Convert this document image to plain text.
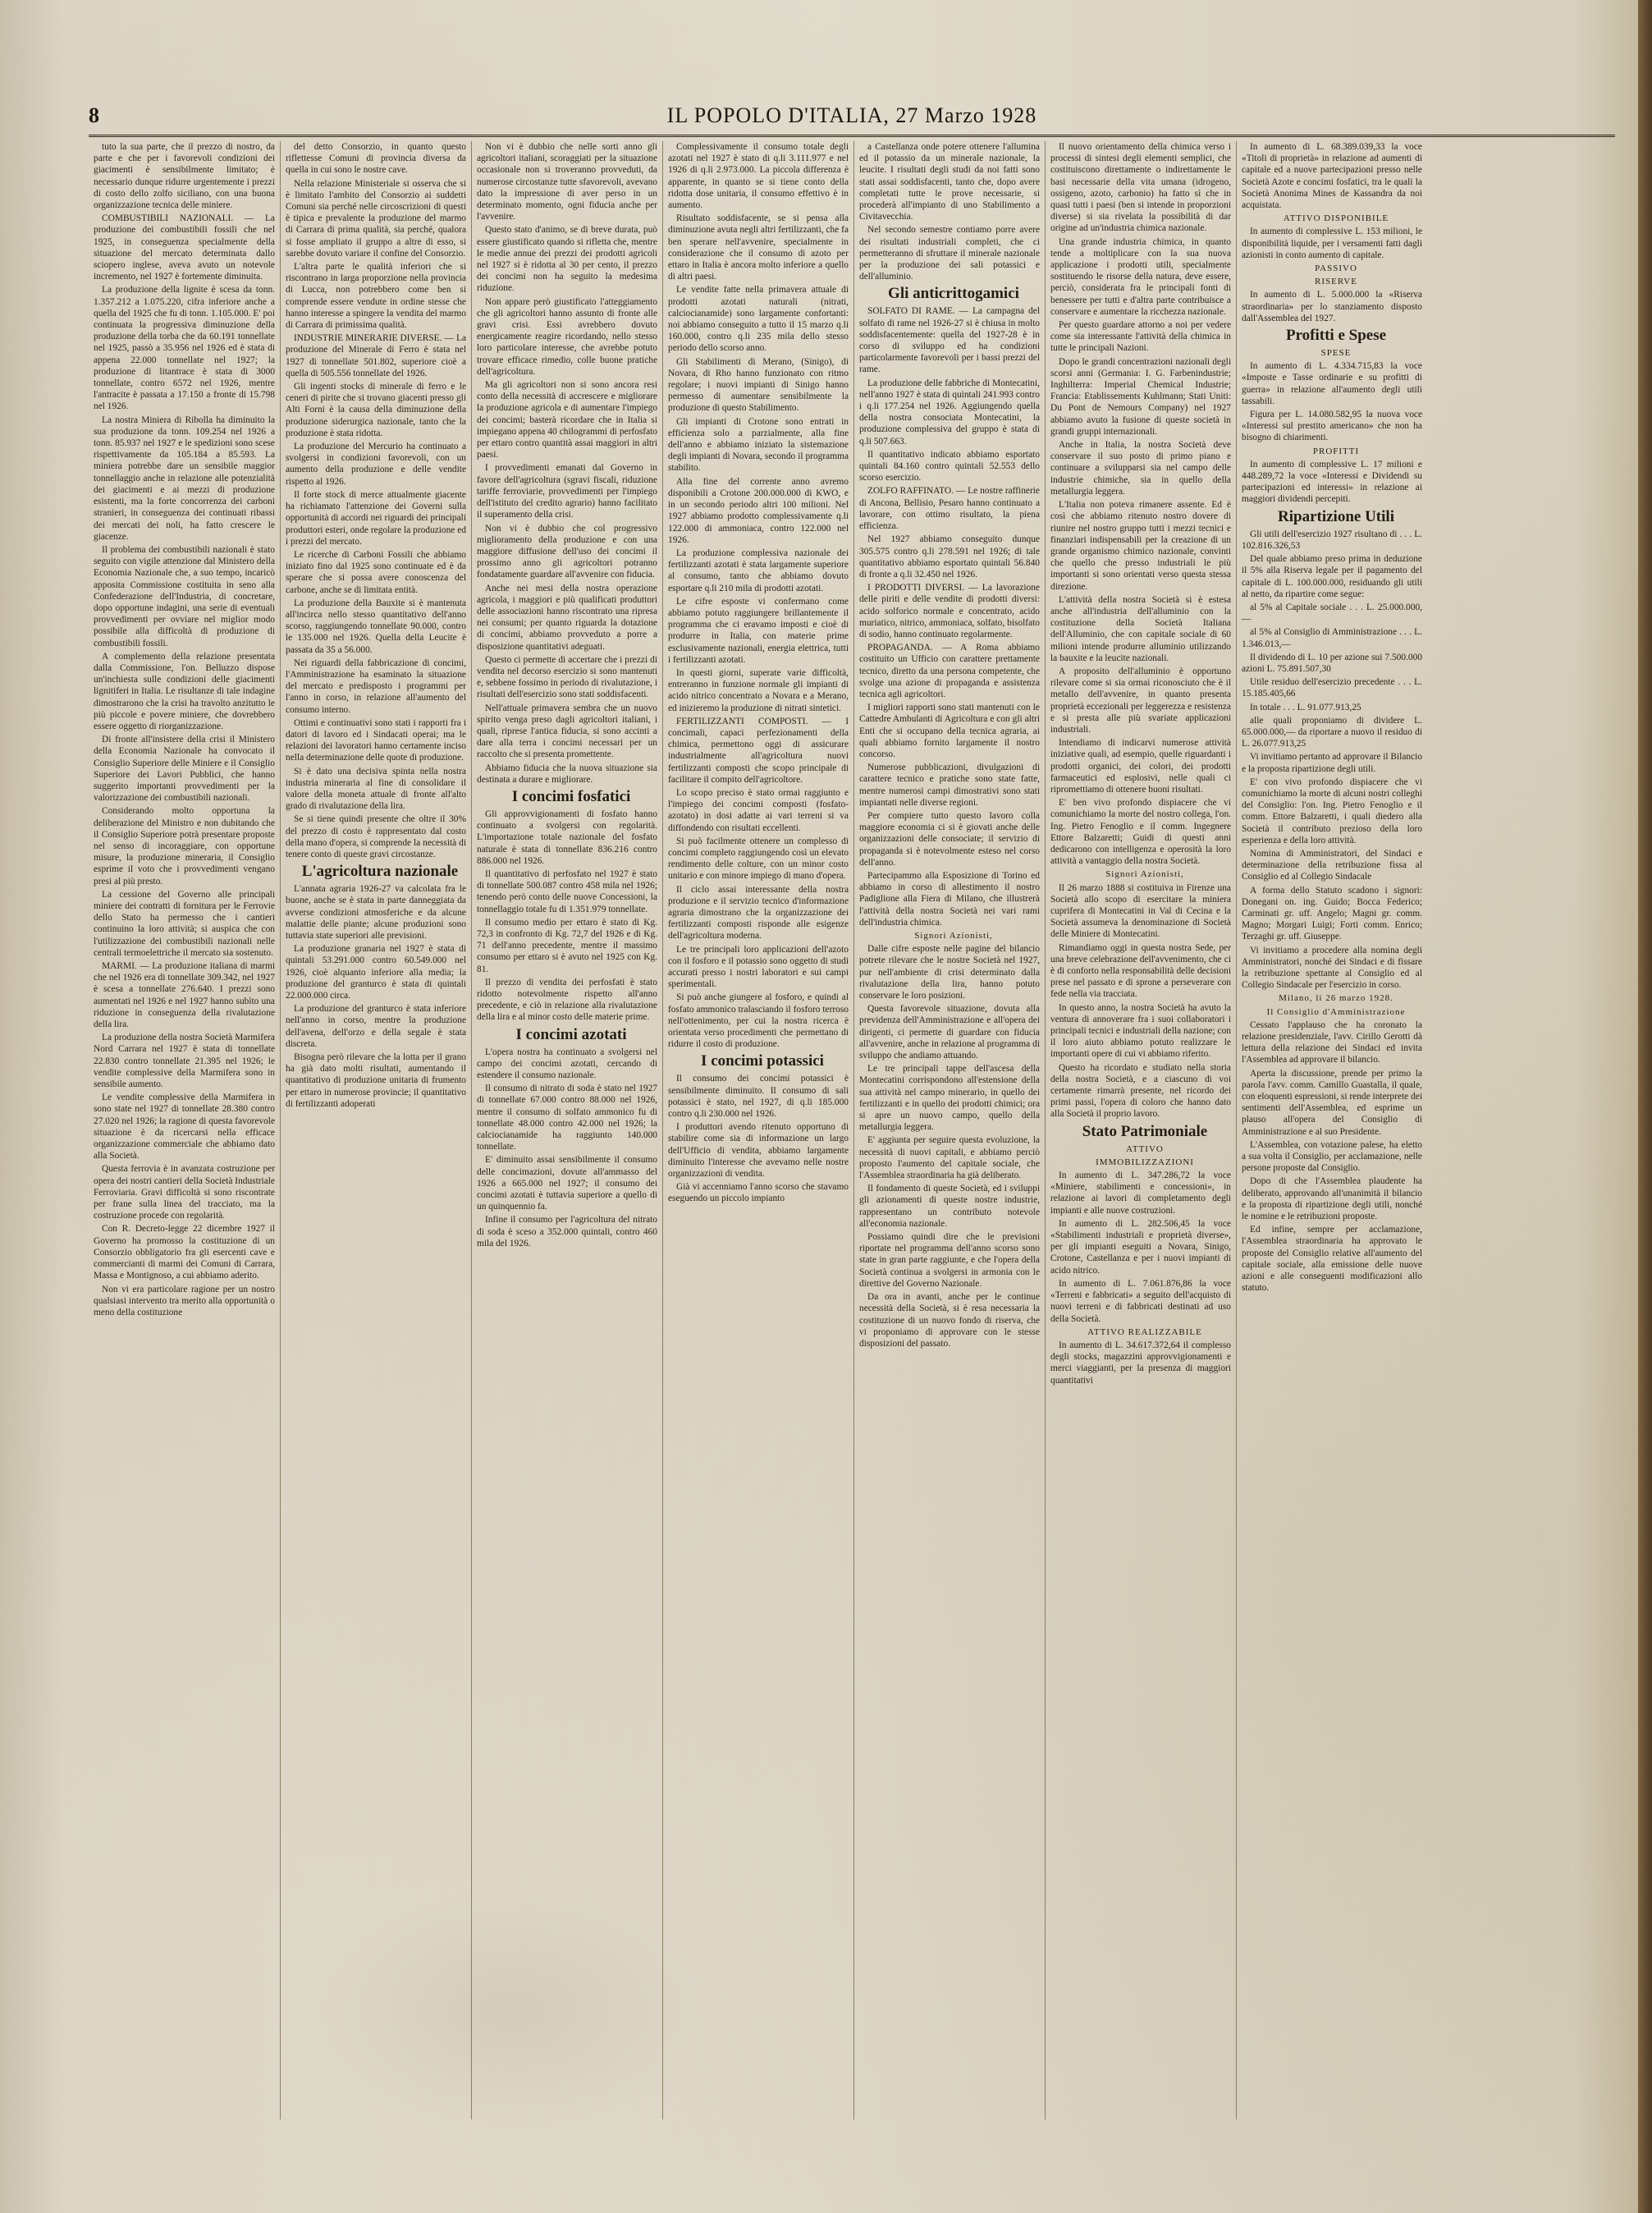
8	IL POPOLO D'ITALIA, 27 Marzo 1928

tuto la sua parte, che il prezzo di nostro, da parte e che per i favorevoli condizioni dei giacimenti è sensibilmente limitato; è necessario dunque ridurre urgentemente i prezzi di costo dello zolfo siciliano, con una buona organizzazione tecnica delle miniere.

COMBUSTIBILI NAZIONALI. — La produzione dei combustibili fossili che nel 1925, in conseguenza specialmente della situazione del mercato determinata dallo sciopero inglese, aveva avuto un notevole incremento, nel 1927 è fortemente diminuita.

La produzione della lignite è scesa da tonn. 1.357.212 a 1.075.220, cifra inferiore anche a quella del 1925 che fu di tonn. 1.105.000. E' poi continuata la progressiva diminuzione della produzione della torba che da 60.191 tonnellate nel 1925, passò a 35.956 nel 1926 ed è stata di appena 22.000 tonnellate nel 1927; la produzione di litantrace è stata di 3000 tonnellate, contro 6572 nel 1926, mentre l'antracite è passata a 17.150 a fronte di 15.798 nel 1926.

La nostra Miniera di Ribolla ha diminuito la sua produzione da tonn. 109.254 nel 1926 a tonn. 85.937 nel 1927 e le spedizioni sono scese rispettivamente da 105.184 a 85.593. La miniera potrebbe dare un sensibile maggior tonnellaggio anche in relazione alle potenzialità dei giacimenti e ai mezzi di produzione esistenti, ma la forte concorrenza dei carboni stranieri, in conseguenza dei continuati ribassi dei mercati dei noli, ha fatto crescere le giacenze.

Il problema dei combustibili nazionali è stato seguito con vigile attenzione dal Ministero della Economia Nazionale che, a suo tempo, incaricò apposita Commissione costituita in seno alla Confederazione dell'Industria, di concretare, dopo opportune indagini, una serie di eventuali provvedimenti per ovviare nel miglior modo possibile alla difficoltà di produzione di combustibili fossili.

A complemento della relazione presentata dalla Commissione, l'on. Belluzzo dispose un'inchiesta sulle condizioni delle giacimenti lignitiferi in Italia. Le risultanze di tale indagine dimostrarono che la crisi ha travolto anzitutto le più piccole e povere miniere, che dovrebbero essere oggetto di riorganizzazione.

Di fronte all'insistere della crisi il Ministero della Economia Nazionale ha convocato il Consiglio Superiore delle Miniere e il Consiglio Superiore dei Lavori Pubblici, che hanno suggerito importanti provvedimenti per la valorizzazione dei combustibili nazionali.

Considerando molto opportuna la deliberazione del Ministro e non dubitando che il Consiglio Superiore potrà presentare proposte nel senso di incoraggiare, con opportune misure, la produzione mineraria, il Consiglio esprime il voto che i provvedimenti vengano presi al più presto.

La cessione del Governo alle principali miniere dei contratti di fornitura per le Ferrovie dello Stato ha permesso che i cantieri continuino la loro attività; si auspica che con l'utilizzazione dei combustibili nazionali nelle centrali termoelettriche il mercato sia sostenuto.

MARMI. — La produzione italiana di marmi che nel 1926 era di tonnellate 309.342, nel 1927 è scesa a tonnellate 276.640. I prezzi sono aumentati nel 1926 e nel 1927 hanno subìto una riduzione in conseguenza della rivalutazione della lira.

La produzione della nostra Società Marmifera Nord Carrara nel 1927 è stata di tonnellate 22.830 contro tonnellate 21.395 nel 1926; le vendite complessive della Marmifera sono in sensibile aumento.

Le vendite complessive della Marmifera in sono state nel 1927 di tonnellate 28.380 contro 27.020 nel 1926; la ragione di questa favorevole situazione è da ricercarsi nella efficace organizzazione commerciale che abbiamo dato alla Società.

Questa ferrovia è in avanzata costruzione per opera dei nostri cantieri della Società Industriale Ferroviaria. Gravi difficoltà si sono riscontrate per frane sulla linea del tracciato, ma la costruzione procede con regolarità.

Con R. Decreto-legge 22 dicembre 1927 il Governo ha promosso la costituzione di un Consorzio obbligatorio fra gli esercenti cave e commercianti di marmi dei Comuni di Carrara, Massa e Montignoso, a cui abbiamo aderito.

Non vi era particolare ragione per un nostro qualsiasi intervento tra merito alla opportunità o meno della costituzione

del detto Consorzio, in quanto questo riflettesse Comuni di provincia diversa da quella in cui sono le nostre cave.

Nella relazione Ministeriale si osserva che si è limitato l'ambito del Consorzio ai suddetti Comuni sia perché nelle circoscrizioni di questi è tipica e prevalente la produzione del marmo di Carrara di prima qualità, sia perché, qualora si fosse ampliato il gruppo a altre di esso, si sarebbe dovuto variare il confine del Consorzio.

L'altra parte le qualità inferiori che si riscontrano in larga proporzione nella provincia di Lucca, non potrebbero come ben si comprende essere vendute in ordine stesse che hanno interesse a spingere la vendita del marmo di Carrara di primissima qualità.

INDUSTRIE MINERARIE DIVERSE. — La produzione del Minerale di Ferro è stata nel 1927 di tonnellate 501.802, superiore cioè a quella di 505.556 tonnellate del 1926.

Gli ingenti stocks di minerale di ferro e le ceneri di pirite che si trovano giacenti presso gli Alti Forni è la causa della diminuzione della produzione siderurgica nazionale, tanto che la produzione è stata ridotta.

La produzione del Mercurio ha continuato a svolgersi in condizioni favorevoli, con un aumento della produzione e delle vendite rispetto al 1926.

Il forte stock di merce attualmente giacente ha richiamato l'attenzione dei Governi sulla opportunità di accordi nei riguardi dei principali produttori esteri, onde regolare la produzione ed i prezzi del mercato.

Le ricerche di Carboni Fossili che abbiamo iniziato fino dal 1925 sono continuate ed è da sperare che si possa avere conoscenza del carbone, anche se di limitata entità.

La produzione della Bauxite si è mantenuta all'incirca nello stesso quantitativo dell'anno scorso, raggiungendo tonnellate 90.000, contro le 135.000 nel 1926. Quella della Leucite è passata da 35 a 56.000.

Nei riguardi della fabbricazione di concimi, l'Amministrazione ha esaminato la situazione del mercato e predisposto i programmi per l'anno in corso, in relazione all'aumento del consumo interno.

Ottimi e continuativi sono stati i rapporti fra i datori di lavoro ed i Sindacati operai; ma le relazioni dei lavoratori hanno certamente inciso nella determinazione delle quote di produzione.

Si è dato una decisiva spinta nella nostra industria mineraria al fine di consolidare il valore della moneta attuale di fronte all'alto grado di rivalutazione della lira.

Se si tiene quindi presente che oltre il 30% del prezzo di costo è rappresentato dal costo della mano d'opera, si comprende la necessità di tenere conto di queste gravi circostanze.

L'agricoltura nazionale

L'annata agraria 1926-27 va calcolata fra le buone, anche se è stata in parte danneggiata da avverse condizioni atmosferiche e da alcune malattie delle piante; alcune produzioni sono tuttavia state superiori alle previsioni.

La produzione granaria nel 1927 è stata di quintali 53.291.000 contro 60.549.000 nel 1926, cioè alquanto inferiore alla media; la produzione del granturco è stata di quintali 22.000.000 circa.

La produzione del granturco è stata inferiore nell'anno in corso, mentre la produzione dell'avena, dell'orzo e della segale è stata discreta.

Bisogna però rilevare che la lotta per il grano ha già dato molti risultati, aumentando il quantitativo di produzione unitaria di frumento per ettaro in numerose provincie; il quantitativo di fertilizzanti adoperati

Non vi è dubbio che nelle sorti anno gli agricoltori italiani, scoraggiati per la situazione occasionale non si troveranno provveduti, da numerose circostanze tutte sfavorevoli, avevano dato la impressione di aver perso in un determinato momento, ogni fiducia anche per l'avvenire.

Questo stato d'animo, se di breve durata, può essere giustificato quando si rifletta che, mentre le medie annue dei prezzi dei prodotti agricoli nel 1927 si è ridotta al 30 per cento, il prezzo dei concimi non ha seguito la medesima riduzione.

Non appare però giustificato l'atteggiamento che gli agricoltori hanno assunto di fronte alle gravi crisi. Essi avrebbero dovuto energicamente reagire ricordando, nello stesso loro particolare interesse, che avrebbe potuto trovare efficace rimedio, colle buone pratiche dell'agricoltura.

Ma gli agricoltori non si sono ancora resi conto della necessità di accrescere e migliorare la produzione agricola e di aumentare l'impiego dei concimi; basterà ricordare che in Italia si impiegano appena 40 chilogrammi di perfosfato per ettaro contro quantità assai maggiori in altri paesi.

I provvedimenti emanati dal Governo in favore dell'agricoltura (sgravi fiscali, riduzione tariffe ferroviarie, provvedimenti per l'impiego dell'istituto del credito agrario) hanno facilitato il superamento della crisi.

Non vi è dubbio che col progressivo miglioramento della produzione e con una maggiore diffusione dell'uso dei concimi il prossimo anno gli agricoltori potranno fondatamente guardare all'avvenire con fiducia.

Anche nei mesi della nostra operazione agricola, i maggiori e più qualificati produttori delle associazioni hanno riscontrato una ripresa nei consumi; per quanto riguarda la dotazione di concimi, abbiamo provveduto a porre a disposizione quantitativi adeguati.

Questo ci permette di accertare che i prezzi di vendita nel decorso esercizio si sono mantenuti e, sebbene fossimo in periodo di rivalutazione, i risultati dell'esercizio sono stati soddisfacenti.

Nell'attuale primavera sembra che un nuovo spirito venga preso dagli agricoltori italiani, i quali, riprese l'antica fiducia, si sono accinti a dare alla terra i concimi necessari per un raccolto che si presenta promettente.

Abbiamo fiducia che la nuova situazione sia destinata a durare e migliorare.

I concimi fosfatici

Gli approvvigionamenti di fosfato hanno continuato a svolgersi con regolarità. L'importazione totale nazionale del fosfato naturale è stata di tonnellate 836.216 contro 886.000 nel 1926.

Il quantitativo di perfosfato nel 1927 è stato di tonnellate 500.087 contro 458 mila nel 1926; tenendo però conto delle nuove Concessioni, la tonnellaggio totale fu di 1.351.979 tonnellate.

Il consumo medio per ettaro è stato di Kg. 72,3 in confronto di Kg. 72,7 del 1926 e di Kg. 71 dell'anno precedente, mentre il massimo consumo per ettaro si è avuto nel 1925 con Kg. 81.

Il prezzo di vendita dei perfosfati è stato ridotto notevolmente rispetto all'anno precedente, e ciò in relazione alla rivalutazione della lira e al minor costo delle materie prime.

I concimi azotati

L'opera nostra ha continuato a svolgersi nel campo dei concimi azotati, cercando di estendere il consumo nazionale.

Il consumo di nitrato di soda è stato nel 1927 di tonnellate 67.000 contro 88.000 nel 1926, mentre il consumo di solfato ammonico fu di tonnellate 48.000 contro 42.000 nel 1926; la calciocianamide ha raggiunto 140.000 tonnellate.

E' diminuito assai sensibilmente il consumo delle concimazioni, dovute all'ammasso del 1926 a 665.000 nel 1927; il consumo dei concimi azotati è tuttavia superiore a quello di un quinquennio fa.

Infine il consumo per l'agricoltura del nitrato di soda è sceso a 352.000 quintali, contro 460 mila del 1926.

Complessivamente il consumo totale degli azotati nel 1927 è stato di q.li 3.111.977 e nel 1926 di q.li 2.973.000. La piccola differenza è apparente, in quanto se si tiene conto della ridotta dose unitaria, il consumo effettivo è in aumento.

Risultato soddisfacente, se si pensa alla diminuzione avuta negli altri fertilizzanti, che fa ben sperare nell'avvenire, specialmente in considerazione che il consumo di azoto per ettaro in Italia è ancora molto inferiore a quello di altri paesi.

Le vendite fatte nella primavera attuale di prodotti azotati naturali (nitrati, calciocianamide) sono largamente confortanti: noi abbiamo conseguito a tutto il 15 marzo q.li 160.000, contro q.li 235 mila dello stesso periodo dello scorso anno.

Gli Stabilimenti di Merano, (Sinigo), di Novara, di Rho hanno funzionato con ritmo regolare; i nuovi impianti di Sinigo hanno permesso di aumentare sensibilmente la produzione di questo Stabilimento.

Gli impianti di Crotone sono entrati in efficienza solo a parzialmente, alla fine dell'anno e abbiamo iniziato la sistemazione degli impianti di Novara, secondo il programma stabilito.

Alla fine del corrente anno avremo disponibili a Crotone 200.000.000 di KWO, e in un secondo periodo altri 100 milioni. Nel 1927 abbiamo prodotto complessivamente q.li 122.000 di ammoniaca, contro 122.000 nel 1926.

La produzione complessiva nazionale dei fertilizzanti azotati è stata largamente superiore al consumo, tanto che abbiamo dovuto esportare q.li 210 mila di prodotti azotati.

Le cifre esposte vi confermano come abbiamo potuto raggiungere brillantemente il programma che ci eravamo imposti e cioè di produrre in Italia, con materie prime esclusivamente nazionali, energia elettrica, tutti i fertilizzanti azotati.

In questi giorni, superate varie difficoltà, entreranno in funzione normale gli impianti di acido nitrico concentrato a Novara e a Merano, ed inizieremo la produzione di nitrati sintetici.

FERTILIZZANTI COMPOSTI. — I concimali, capaci perfezionamenti della chimica, permettono oggi di assicurare industrialmente all'agricoltura nuovi fertilizzanti composti che scopo principale di facilitare il compito dell'agricoltore.

Lo scopo preciso è stato ormai raggiunto e l'impiego dei concimi composti (fosfato-azotato) in dosi adatte ai vari terreni si va diffondendo con risultati eccellenti.

Si può facilmente ottenere un complesso di concimi completo raggiungendo così un elevato rendimento delle colture, con un minor costo unitario e con minore impiego di mano d'opera.

Il ciclo assai interessante della nostra produzione e il servizio tecnico d'informazione agraria dimostrano che la organizzazione dei fertilizzanti composti risponde alle esigenze dell'agricoltura moderna.

Le tre principali loro applicazioni dell'azoto con il fosforo e il potassio sono oggetto di studi accurati presso i nostri laboratori e sui campi sperimentali.

Si può anche giungere al fosforo, e quindi al fosfato ammonico tralasciando il fosforo terroso nell'ottenimento, per cui la nostra ricerca è orientata verso procedimenti che permettano di ridurre il costo di produzione.

I concimi potassici

Il consumo dei concimi potassici è sensibilmente diminuito. Il consumo di sali potassici è stato, nel 1927, di q.li 185.000 contro q.li 230.000 nel 1926.

I produttori avendo ritenuto opportuno di stabilire come sia di informazione un largo dell'Ufficio di vendita, abbiamo largamente diminuito l'interesse che avevamo nelle nostre organizzazioni di vendita.

Già vi accenniamo l'anno scorso che stavamo eseguendo un piccolo impianto

a Castellanza onde potere ottenere l'allumina ed il potassio da un minerale nazionale, la leucite. I risultati degli studi da noi fatti sono stati assai soddisfacenti, tanto che, dopo avere completati tutte le prove necessarie, si procederà all'impianto di uno Stabilimento a Civitavecchia.

Nel secondo semestre contiamo porre avere dei risultati industriali completi, che ci permetteranno di sfruttare il minerale nazionale per la produzione dei sali potassici e dell'alluminio.

Gli anticrittogamici

SOLFATO DI RAME. — La campagna del solfato di rame nel 1926-27 si è chiusa in molto soddisfacentemente: quella del 1927-28 è in corso di sviluppo ed ha condizioni particolarmente favorevoli per i bassi prezzi del rame.

La produzione delle fabbriche di Montecatini, nell'anno 1927 è stata di quintali 241.993 contro i q.li 177.254 nel 1926. Aggiungendo quella della nostra consociata Montecatini, la produzione complessiva del gruppo è stata di q.li 507.663.

Il quantitativo indicato abbiamo esportato quintali 84.160 contro quintali 52.553 dello scorso esercizio.

ZOLFO RAFFINATO. — Le nostre raffinerie di Ancona, Bellisio, Pesaro hanno continuato a lavorare, con ottimo risultato, la piena efficienza.

Nel 1927 abbiamo conseguito dunque 305.575 contro q.li 278.591 nel 1926; di tale quantitativo abbiamo esportato quintali 56.840 di fronte a q.li 32.450 nel 1926.

I PRODOTTI DIVERSI. — La lavorazione delle piriti e delle vendite di prodotti diversi: acido solforico normale e concentrato, acido muriatico, nitrico, ammoniaca, solfato, bisolfato di sodio, hanno continuato regolarmente.

PROPAGANDA. — A Roma abbiamo costituito un Ufficio con carattere prettamente tecnico, diretto da una persona competente, che svolge una azione di propaganda e assistenza tecnica agli agricoltori.

I migliori rapporti sono stati mantenuti con le Cattedre Ambulanti di Agricoltura e con gli altri Enti che si occupano della tecnica agraria, ai quali abbiamo fornito largamente il nostro concorso.

Numerose pubblicazioni, divulgazioni di carattere tecnico e pratiche sono state fatte, mentre numerosi campi dimostrativi sono stati impiantati nelle diverse regioni.

Per compiere tutto questo lavoro colla maggiore economia ci si è giovati anche delle organizzazioni delle consociate; il servizio di propaganda si è notevolmente esteso nel corso dell'anno.

Partecipammo alla Esposizione di Torino ed abbiamo in corso di allestimento il nostro Padiglione alla Fiera di Milano, che illustrerà l'attività della nostra Società nei vari rami dell'industria chimica.

Signori Azionisti,

Dalle cifre esposte nelle pagine del bilancio potrete rilevare che le nostre Società nel 1927, pur nell'ambiente di crisi determinato dalla rivalutazione della lira, hanno potuto conservare le loro posizioni.

Questa favorevole situazione, dovuta alla previdenza dell'Amministrazione e all'opera dei dirigenti, ci permette di guardare con fiducia all'avvenire, anche in relazione al programma di sviluppo che andiamo attuando.

Le tre principali tappe dell'ascesa della Montecatini corrispondono all'estensione della sua attività nel campo minerario, in quello dei fertilizzanti e in quello dei prodotti chimici; ora si apre un nuovo campo, quello della metallurgia leggera.

E' aggiunta per seguire questa evoluzione, la necessità di nuovi capitali, e abbiamo perciò proposto l'aumento del capitale sociale, che l'Assemblea straordinaria ha già deliberato.

Il fondamento di queste Società, ed i sviluppi gli azionamenti di queste nostre industrie, rappresentano un contributo notevole all'economia nazionale.

Possiamo quindi dire che le previsioni riportate nel programma dell'anno scorso sono state in gran parte raggiunte, e che l'opera della Società continua a svolgersi in armonia con le direttive del Governo Nazionale.

Da ora in avanti, anche per le continue necessità della Società, si è resa necessaria la costituzione di un nuovo fondo di riserva, che vi proponiamo di approvare con le stesse disposizioni del passato.

Il nuovo orientamento della chimica verso i processi di sintesi degli elementi semplici, che costituiscono direttamente o indirettamente le basi necessarie della vita umana (idrogeno, ossigeno, azoto, carbonio) ha fatto sì che in quasi tutti i paesi (ben si intende in proporzioni diverse) si sia rivelata la possibilità di dar origine ad un'industria chimica nazionale.

Una grande industria chimica, in quanto tende a moltiplicare con la sua nuova applicazione i prodotti utili, specialmente sostituendo le risorse della natura, deve essere, perciò, considerata fra le principali fonti di benessere per tutti e d'altra parte contribuisce a conservare e aumentare la ricchezza nazionale.

Per questo guardare attorno a noi per vedere come sia interessante l'attività della chimica in tutte le principali Nazioni.

Dopo le grandi concentrazioni nazionali degli scorsi anni (Germania: I. G. Farbenindustrie; Inghilterra: Imperial Chemical Industrie; Francia: Etablissements Kuhlmann; Stati Uniti: Du Pont de Nemours Company) nel 1927 abbiamo avuto la fusione di queste società in grandi gruppi internazionali.

Anche in Italia, la nostra Società deve conservare il suo posto di primo piano e continuare a svilupparsi sia nel campo delle industrie chimiche, sia in quello della metallurgia leggera.

L'Italia non poteva rimanere assente. Ed è così che abbiamo ritenuto nostro dovere di riunire nel nostro gruppo tutti i mezzi tecnici e finanziari indispensabili per la creazione di un grande organismo chimico nazionale, convinti che quello che presso industriali le più importanti si sono orientati verso questa stessa direzione.

L'attività della nostra Società si è estesa anche all'industria dell'alluminio con la costituzione della Società Italiana dell'Alluminio, che con capitale sociale di 60 milioni intende produrre alluminio utilizzando la bauxite e la leucite nazionali.

A proposito dell'alluminio è opportuno rilevare come si sia ormai riconosciuto che è il metallo dell'avvenire, in quanto presenta proprietà eccezionali per leggerezza e resistenza e si presta alle più svariate applicazioni industriali.

Intendiamo di indicarvi numerose attività iniziative quali, ad esempio, quelle riguardanti i prodotti organici, dei colori, dei prodotti farmaceutici ed esplosivi, nelle quali ci ripromettiamo di ottenere buoni risultati.

E' ben vivo profondo dispiacere che vi comunichiamo la morte del nostro collega, l'on. Ing. Pietro Fenoglio e il comm. Ingegnere Ettore Balzaretti; Guidi di questi anni dedicarono con intelligenza e operosità la loro attività a vantaggio della nostra Società.

Signori Azionisti,

Il 26 marzo 1888 si costituiva in Firenze una Società allo scopo di esercitare la miniera cuprifera di Montecatini in Val di Cecina e la Società assumeva la denominazione di Società delle Miniere di Montecatini.

Rimandiamo oggi in questa nostra Sede, per una breve celebrazione dell'avvenimento, che ci è di conforto nella responsabilità delle decisioni prese nel passato e di sprone a perseverare con fede nella via tracciata.

In questo anno, la nostra Società ha avuto la ventura di annoverare fra i suoi collaboratori i principali tecnici e industriali della nazione; con il loro aiuto abbiamo potuto realizzare le importanti opere di cui vi abbiamo riferito.

Questo ha ricordato e studiato nella storia della nostra Società, e a ciascuno di voi certamente rimarrà presente, nel ricordo dei primi passi, l'opera di coloro che hanno dato alla Società il proprio lavoro.

Stato Patrimoniale

ATTIVO

IMMOBILIZZAZIONI

In aumento di L. 347.286,72 la voce «Miniere, stabilimenti e concessioni», in relazione ai lavori di completamento degli impianti e alle nuove costruzioni.

In aumento di L. 282.506,45 la voce «Stabilimenti industriali e proprietà diverse», per gli impianti eseguiti a Novara, Sinigo, Crotone, Castellanza e per i nuovi impianti di acido nitrico.

In aumento di L. 7.061.876,86 la voce «Terreni e fabbricati» a seguito dell'acquisto di nuovi terreni e di fabbricati destinati ad uso della Società.

ATTIVO REALIZZABILE

In aumento di L. 34.617.372,64 il complesso degli stocks, magazzini approvvigionamenti e merci viaggianti, per la presenza di maggiori quantitativi

In aumento di L. 68.389.039,33 la voce «Titoli di proprietà» in relazione ad aumenti di capitale ed a nuove partecipazioni presso nelle Società Azote e concimi fosfatici, tra le quali la Società Anonima Mines de Kassandra da noi acquistata.

ATTIVO DISPONIBILE

In aumento di complessive L. 153 milioni, le disponibilità liquide, per i versamenti fatti dagli azionisti in conto aumento di capitale.

PASSIVO

RISERVE

In aumento di L. 5.000.000 la «Riserva straordinaria» per lo stanziamento disposto dall'Assemblea del 1927.

Profitti e Spese

SPESE

In aumento di L. 4.334.715,83 la voce «Imposte e Tasse ordinarie e su profitti di guerra» in relazione all'aumento degli utili tassabili.

Figura per L. 14.080.582,95 la nuova voce «Interessi sul prestito americano» che non ha bisogno di chiarimenti.

PROFITTI

In aumento di complessive L. 17 milioni e 448.289,72 la voce «Interessi e Dividendi su partecipazioni ed interessi» in relazione ai maggiori dividendi percepiti.

Ripartizione Utili

Gli utili dell'esercizio 1927 risultano di . . . L. 102.816.326,53

Del quale abbiamo preso prima in deduzione il 5% alla Riserva legale per il pagamento del capitale di L. 100.000.000, residuando gli utili al netto, da ripartire come segue:

al 5% al Capitale sociale . . . L. 25.000.000,—

al 5% al Consiglio di Amministrazione . . . L. 1.346.013,—

Il dividendo di L. 10 per azione sui 7.500.000 azioni L. 75.891.507,30

Utile residuo dell'esercizio precedente . . . L. 15.185.405,66

In totale . . . L. 91.077.913,25

alle quali proponiamo di dividere L. 65.000.000,— da riportare a nuovo il residuo di L. 26.077.913,25

Vi invitiamo pertanto ad approvare il Bilancio e la proposta ripartizione degli utili.

E' con vivo profondo dispiacere che vi comunichiamo la morte di alcuni nostri colleghi del Consiglio: l'on. Ing. Pietro Fenoglio e il comm. Ettore Balzaretti, i quali diedero alla Società il contributo prezioso della loro esperienza e della loro attività.

Nomina di Amministratori, del Sindaci e determinazione della retribuzione fissa al Consiglio ed al Collegio Sindacale

A forma dello Statuto scadono i signori: Donegani on. ing. Guido; Bocca Federico; Carminati gr. uff. Angelo; Magni gr. comm. Magno; Morgari Luigi; Forti comm. Enrico; Terzaghi gr. uff. Giuseppe.

Vi invitiamo a procedere alla nomina degli Amministratori, nonché dei Sindaci e di fissare la retribuzione spettante al Consiglio ed al Collegio Sindacale per l'esercizio in corso.

Milano, li 26 marzo 1928.

Il Consiglio d'Amministrazione

Cessato l'applauso che ha coronato la relazione presidenziale, l'avv. Cirillo Gerotti dà lettura della relazione dei Sindaci ed invita l'Assemblea ad approvare il bilancio.

Aperta la discussione, prende per primo la parola l'avv. comm. Camillo Guastalla, il quale, con eloquenti espressioni, si rende interprete dei sentimenti dell'Assemblea, ed esprime un plauso all'opera del Consiglio di Amministrazione e al suo Presidente.

L'Assemblea, con votazione palese, ha eletto a sua volta il Consiglio, per acclamazione, nelle persone proposte dal Consiglio.

Dopo di che l'Assemblea plaudente ha deliberato, approvando all'unanimità il bilancio e la proposta di ripartizione degli utili, nonché le nomine e le retribuzioni proposte.

Ed infine, sempre per acclamazione, l'Assemblea straordinaria ha approvato le proposte del Consiglio relative all'aumento del capitale sociale, alla emissione delle nuove azioni e alle conseguenti modificazioni allo statuto.
